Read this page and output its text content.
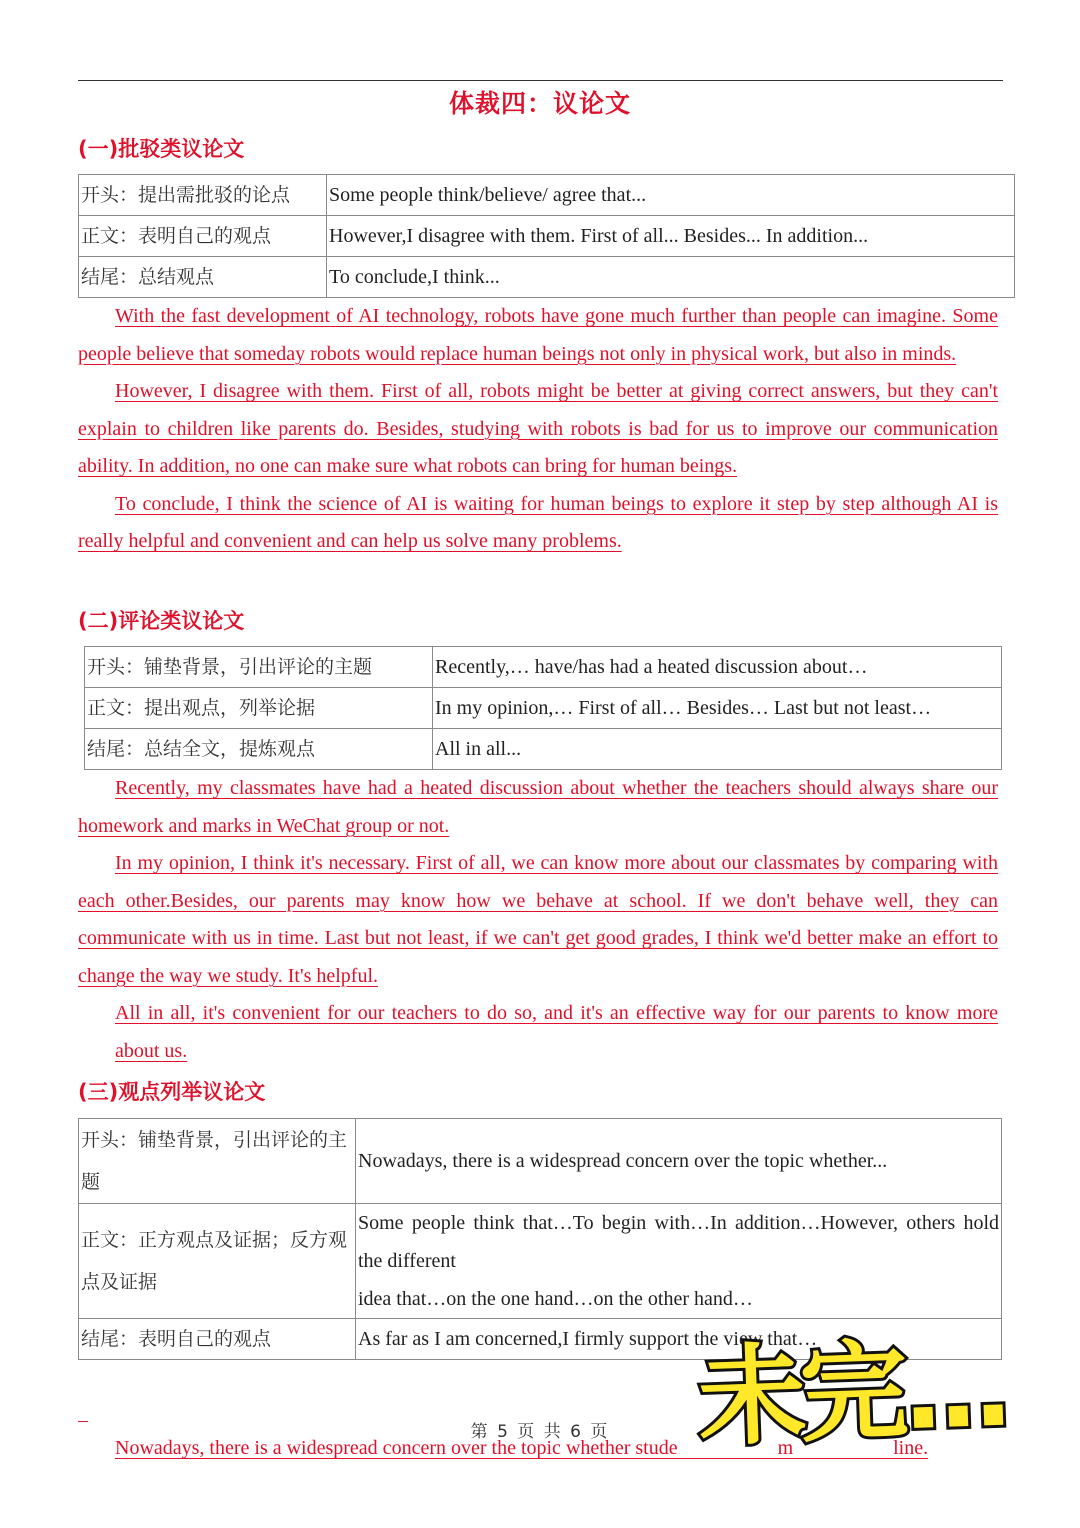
体裁四：议论文
(一)批驳类议论文
开头：提出需批驳的论点	Some people think/believe/ agree that...
正文：表明自己的观点	However,I disagree with them. First of all... Besides... In addition...
结尾：总结观点	To conclude,I think...

With the fast development of AI technology, robots have gone much further than people can imagine. Some people believe that someday robots would replace human beings not only in physical work, but also in minds.

However, I disagree with them. First of all, robots might be better at giving correct answers, but they can't explain to children like parents do. Besides, studying with robots is bad for us to improve our communication ability. In addition, no one can make sure what robots can bring for human beings.

To conclude, I think the science of AI is waiting for human beings to explore it step by step although AI is really helpful and convenient and can help us solve many problems.

(二)评论类议论文
开头：铺垫背景，引出评论的主题	Recently,… have/has had a heated discussion about…
正文：提出观点，列举论据	In my opinion,… First of all… Besides… Last but not least…
结尾：总结全文，提炼观点	All in all...

Recently, my classmates have had a heated discussion about whether the teachers should always share our homework and marks in WeChat group or not.

In my opinion, I think it's necessary. First of all, we can know more about our classmates by comparing with each other.Besides, our parents may know how we behave at school. If we don't behave well, they can communicate with us in time. Last but not least, if we can't get good grades, I think we'd better make an effort to change the way we study. It's helpful.

All in all, it's convenient for our teachers to do so, and it's an effective way for our parents to know more about us.

(三)观点列举议论文
开头：铺垫背景，引出评论的主题	Nowadays, there is a widespread concern over the topic whether...
正文：正方观点及证据；反方观点及证据	Some people think that…To begin with…In addition…However, others hold the different
idea that…on the one hand…on the other hand…
结尾：表明自己的观点	As far as I am concerned,I firmly support the view that…

Nowadays, there is a widespread concern over the topic whether stude                    m                    line.

第 5 页 共 6 页 未完...
